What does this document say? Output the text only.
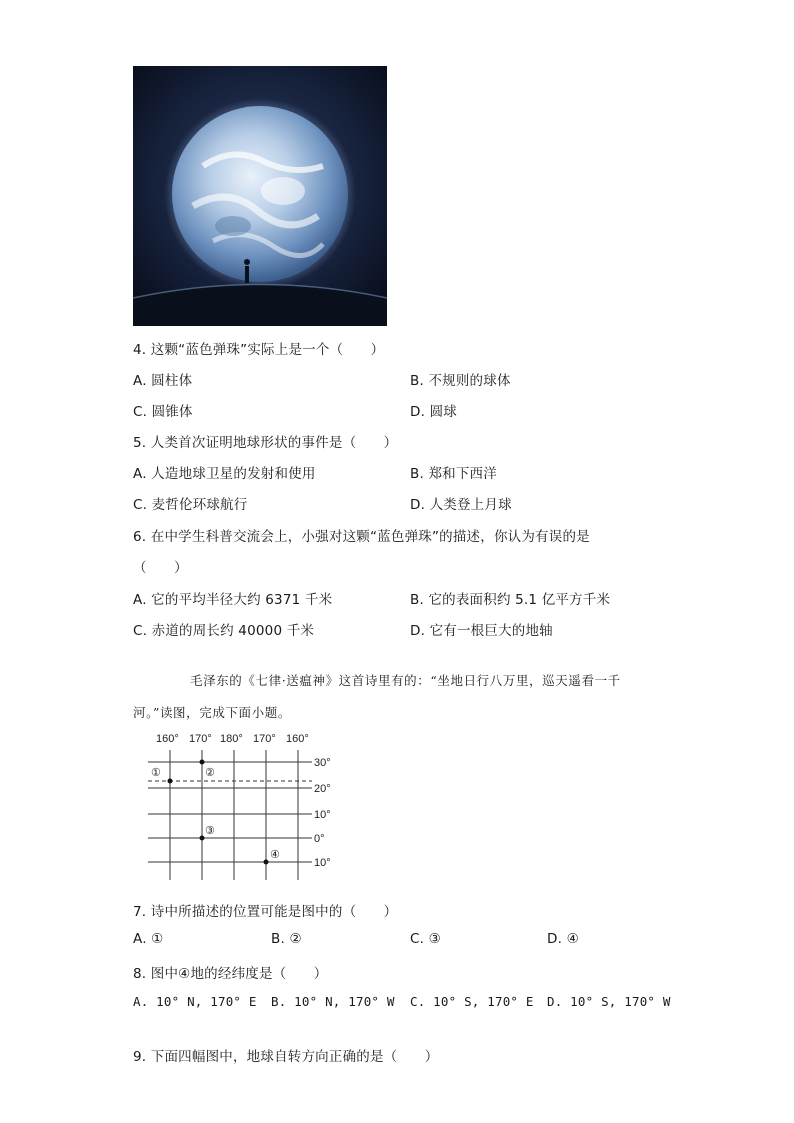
4. 这颗“蓝色弹珠”实际上是一个（　　）
A. 圆柱体	B. 不规则的球体
C. 圆锥体	D. 圆球
5. 人类首次证明地球形状的事件是（　　）
A. 人造地球卫星的发射和使用	B. 郑和下西洋
C. 麦哲伦环球航行	D. 人类登上月球
6. 在中学生科普交流会上，小强对这颗“蓝色弹珠”的描述，你认为有误的是
（　　）
A. 它的平均半径大约 6371 千米	B. 它的表面积约 5.1 亿平方千米
C. 赤道的周长约 40000 千米	D. 它有一根巨大的地轴
毛泽东的《七律·送瘟神》这首诗里有的：“坐地日行八万里，巡天遥看一千
河。”读图，完成下面小题。
160° 170° 180° 170° 160°
30°
20°
10°
0°
10°
①	②
③
④
7. 诗中所描述的位置可能是图中的（　　）
A. ①	B. ②	C. ③	D. ④
8. 图中④地的经纬度是（　　）
A. 10° N, 170° E B. 10° N, 170° W C. 10° S, 170° E D. 10° S, 170° W
9. 下面四幅图中，地球自转方向正确的是（　　）
